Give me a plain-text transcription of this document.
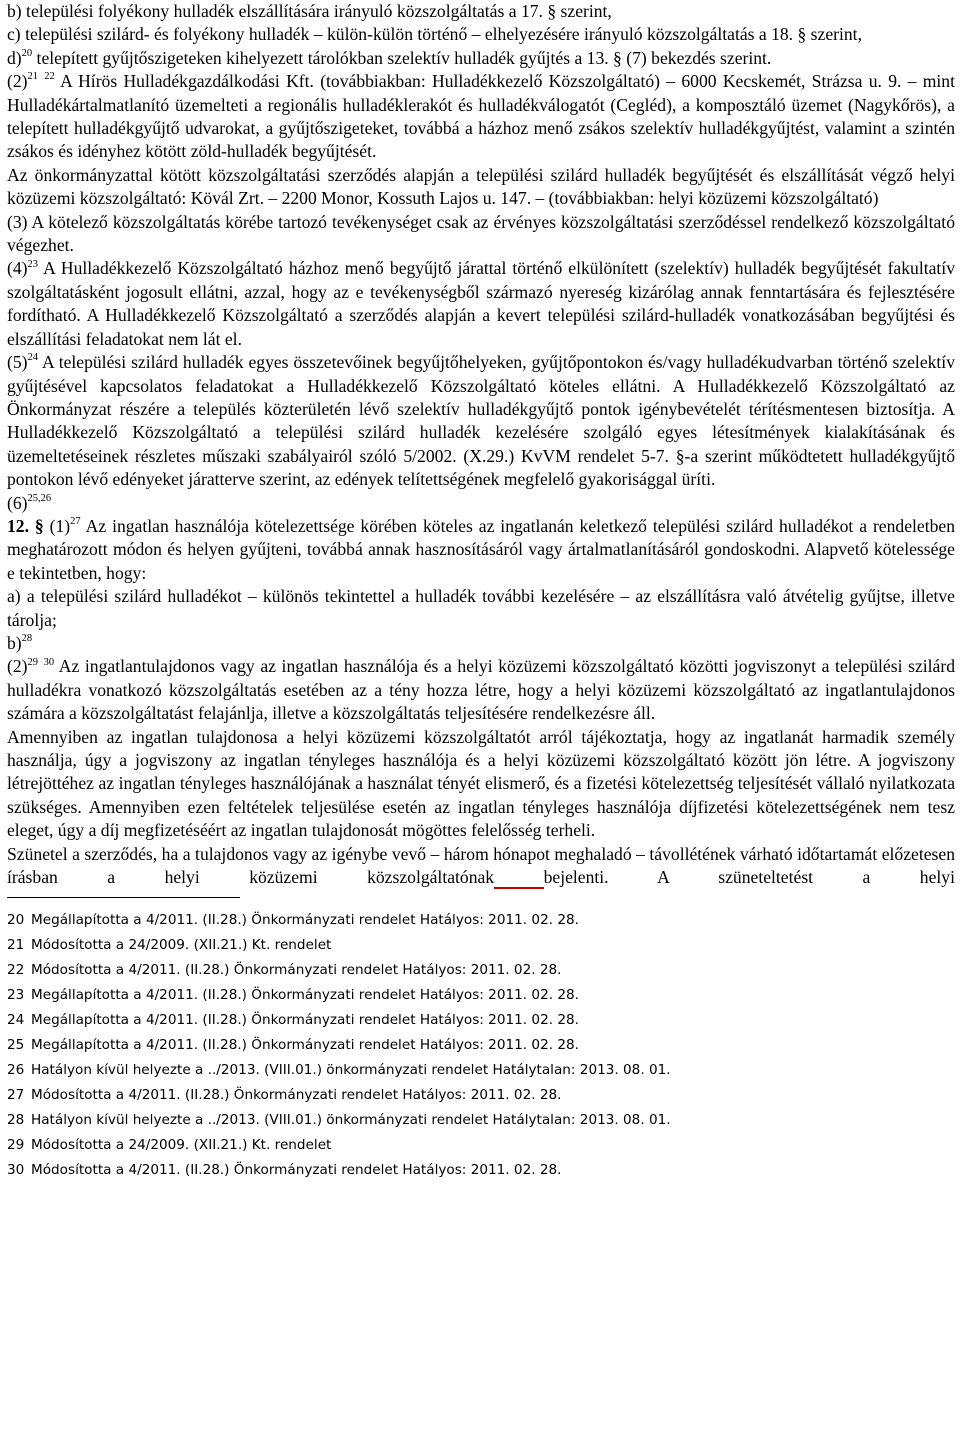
b) települési folyékony hulladék elszállítására irányuló közszolgáltatás a 17. § szerint,

c) települési szilárd- és folyékony hulladék – külön-külön történő – elhelyezésére irányuló közszolgáltatás a 18. § szerint,

d)$^{20}$ telepített gyűjtőszigeteken kihelyezett tárolókban szelektív hulladék gyűjtés a 13. § (7) bekezdés szerint.

$(2)^{21}$ $^{22}$ A Hírös Hulladékgazdálkodási Kft. (továbbiakban: Hulladékkezelő Közszolgáltató) – 6000 Kecskemét, Strázsa u. 9. – mint Hulladékártalmatlanító üzemelteti a regionális hulladéklerakót és hulladékválogatót (Cegléd), a komposztáló üzemet (Nagykőrös), a telepített hulladékgyűjtő udvarokat, a gyűjtőszigeteket, továbbá a házhoz menő zsákos szelektív hulladékgyűjtést, valamint a szintén zsákos és idényhez kötött zöld-hulladék begyűjtését.

Az önkormányzattal kötött közszolgáltatási szerződés alapján a települési szilárd hulladék begyűjtését és elszállítását végző helyi közüzemi közszolgáltató: Kövál Zrt. – 2200 Monor, Kossuth Lajos u. 147. – (továbbiakban: helyi közüzemi közszolgáltató)

(3) A kötelező közszolgáltatás körébe tartozó tevékenységet csak az érvényes közszolgáltatási szerződéssel rendelkező közszolgáltató végezhet.

$(4)^{23}$ A Hulladékkezelő Közszolgáltató házhoz menő begyűjtő járattal történő elkülönített (szelektív) hulladék begyűjtését fakultatív szolgáltatásként jogosult ellátni, azzal, hogy az e tevékenységből származó nyereség kizárólag annak fenntartására és fejlesztésére fordítható. A Hulladékkezelő Közszolgáltató a szerződés alapján a kevert települési szilárd-hulladék vonatkozásában begyűjtési és elszállítási feladatokat nem lát el.

$(5)^{24}$ A települési szilárd hulladék egyes összetevőinek begyűjtőhelyeken, gyűjtőpontokon és/vagy hulladékudvarban történő szelektív gyűjtésével kapcsolatos feladatokat a Hulladékkezelő Közszolgáltató köteles ellátni. A Hulladékkezelő Közszolgáltató az Önkormányzat részére a település közterületén lévő szelektív hulladékgyűjtő pontok igénybevételét térítésmentesen biztosítja. A Hulladékkezelő Közszolgáltató a települési szilárd hulladék kezelésére szolgáló egyes létesítmények kialakításának és üzemeltetéseinek részletes műszaki szabályairól szóló 5/2002. (X.29.) KvVM rendelet 5-7. §-a szerint működtetett hulladékgyűjtő pontokon lévő edényeket járatterve szerint, az edények telítettségének megfelelő gyakorisággal üríti.

$(6)^{25,26}$

12. § $(1)^{27}$ Az ingatlan használója kötelezettsége körében köteles az ingatlanán keletkező települési szilárd hulladékot a rendeletben meghatározott módon és helyen gyűjteni, továbbá annak hasznosításáról vagy ártalmatlanításáról gondoskodni. Alapvető kötelessége e tekintetben, hogy:

a) a települési szilárd hulladékot – különös tekintettel a hulladék további kezelésére – az elszállításra való átvételig gyűjtse, illetve tárolja;

b)$^{28}$

$(2)^{29}$ $^{30}$ Az ingatlantulajdonos vagy az ingatlan használója és a helyi közüzemi közszolgáltató közötti jogviszonyt a települési szilárd hulladékra vonatkozó közszolgáltatás esetében az a tény hozza létre, hogy a helyi közüzemi közszolgáltató az ingatlantulajdonos számára a közszolgáltatást felajánlja, illetve a közszolgáltatás teljesítésére rendelkezésre áll.

Amennyiben az ingatlan tulajdonosa a helyi közüzemi közszolgáltatót arról tájékoztatja, hogy az ingatlanát harmadik személy használja, úgy a jogviszony az ingatlan tényleges használója és a helyi közüzemi közszolgáltató között jön létre. A jogviszony létrejöttéhez az ingatlan tényleges használójának a használat tényét elismerő, és a fizetési kötelezettség teljesítését vállaló nyilatkozata szükséges. Amennyiben ezen feltételek teljesülése esetén az ingatlan tényleges használója díjfizetési kötelezettségének nem tesz eleget, úgy a díj megfizetéséért az ingatlan tulajdonosát mögöttes felelősség terheli.

Szünetel a szerződés, ha a tulajdonos vagy az igénybe vevő – három hónapot meghaladó – távollétének várható időtartamát előzetesen írásban a helyi közüzemi közszolgáltatónak	bejelenti. A szüneteltetést a helyi

20 Megállapította a 4/2011. (II.28.) Önkormányzati rendelet Hatályos: 2011. 02. 28.
21 Módosította a 24/2009. (XII.21.) Kt. rendelet
22 Módosította a 4/2011. (II.28.) Önkormányzati rendelet Hatályos: 2011. 02. 28.
23 Megállapította a 4/2011. (II.28.) Önkormányzati rendelet Hatályos: 2011. 02. 28.
24 Megállapította a 4/2011. (II.28.) Önkormányzati rendelet Hatályos: 2011. 02. 28.
25 Megállapította a 4/2011. (II.28.) Önkormányzati rendelet Hatályos: 2011. 02. 28.
26 Hatályon kívül helyezte a ../2013. (VIII.01.) önkormányzati rendelet Hatálytalan: 2013. 08. 01.
27 Módosította a 4/2011. (II.28.) Önkormányzati rendelet Hatályos: 2011. 02. 28.
28 Hatályon kívül helyezte a ../2013. (VIII.01.) önkormányzati rendelet Hatálytalan: 2013. 08. 01.
29 Módosította a 24/2009. (XII.21.) Kt. rendelet
30 Módosította a 4/2011. (II.28.) Önkormányzati rendelet Hatályos: 2011. 02. 28.
